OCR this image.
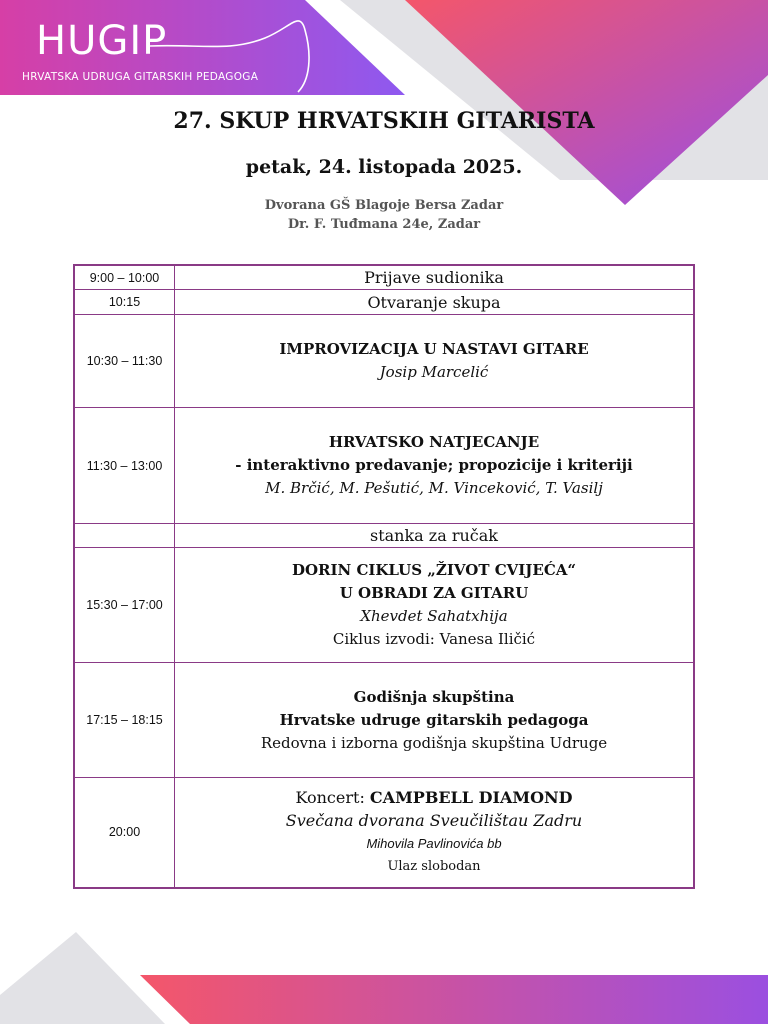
HUGIP
HRVATSKA UDRUGA GITARSKIH PEDAGOGA
27. SKUP HRVATSKIH GITARISTA
petak, 24. listopada 2025.
Dvorana GŠ Blagoje Bersa Zadar
Dr. F. Tuđmana 24e, Zadar
9:00 – 10:00	Prijave sudionika
10:15	Otvaranje skupa
10:30 – 11:30	IMPROVIZACIJA U NASTAVI GITARE
Josip Marcelić

11:30 – 13:00	HRVATSKO NATJECANJE
- interaktivno predavanje; propozicije i kriteriji
M. Brčić, M. Pešutić, M. Vinceković, T. Vasilj

	stanka za ručak
15:30 – 17:00	DORIN CIKLUS „ŽIVOT CVIJEĆA“
U OBRADI ZA GITARU
Xhevdet Sahatxhija
Ciklus izvodi: Vanesa Iličić

17:15 – 18:15	Godišnja skupština
Hrvatske udruge gitarskih pedagoga
Redovna i izborna godišnja skupština Udruge

20:00	Koncert: CAMPBELL DIAMOND
Svečana dvorana Sveučilištau Zadru
Mihovila Pavlinovića bb
Ulaz slobodan
